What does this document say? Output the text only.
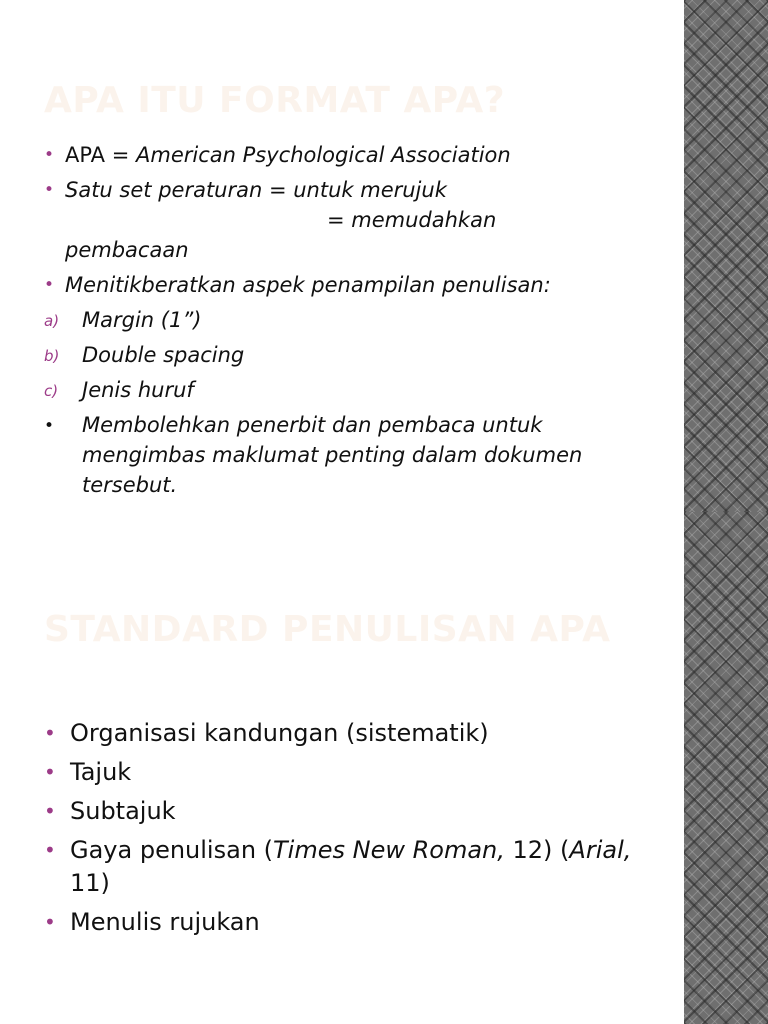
APA ITU FORMAT APA?
• APA = American Psychological Association
• Satu set peraturan = untuk merujuk
= memudahkan
pembacaan
• Menitikberatkan aspek penampilan penulisan:
a) Margin (1”)
b) Double spacing
c) Jenis huruf
• Membolehkan penerbit dan pembaca untuk mengimbas maklumat penting dalam dokumen tersebut.
STANDARD PENULISAN APA
• Organisasi kandungan (sistematik)
• Tajuk
• Subtajuk
• Gaya penulisan (Times New Roman, 12) (Arial, 11)
• Menulis rujukan
